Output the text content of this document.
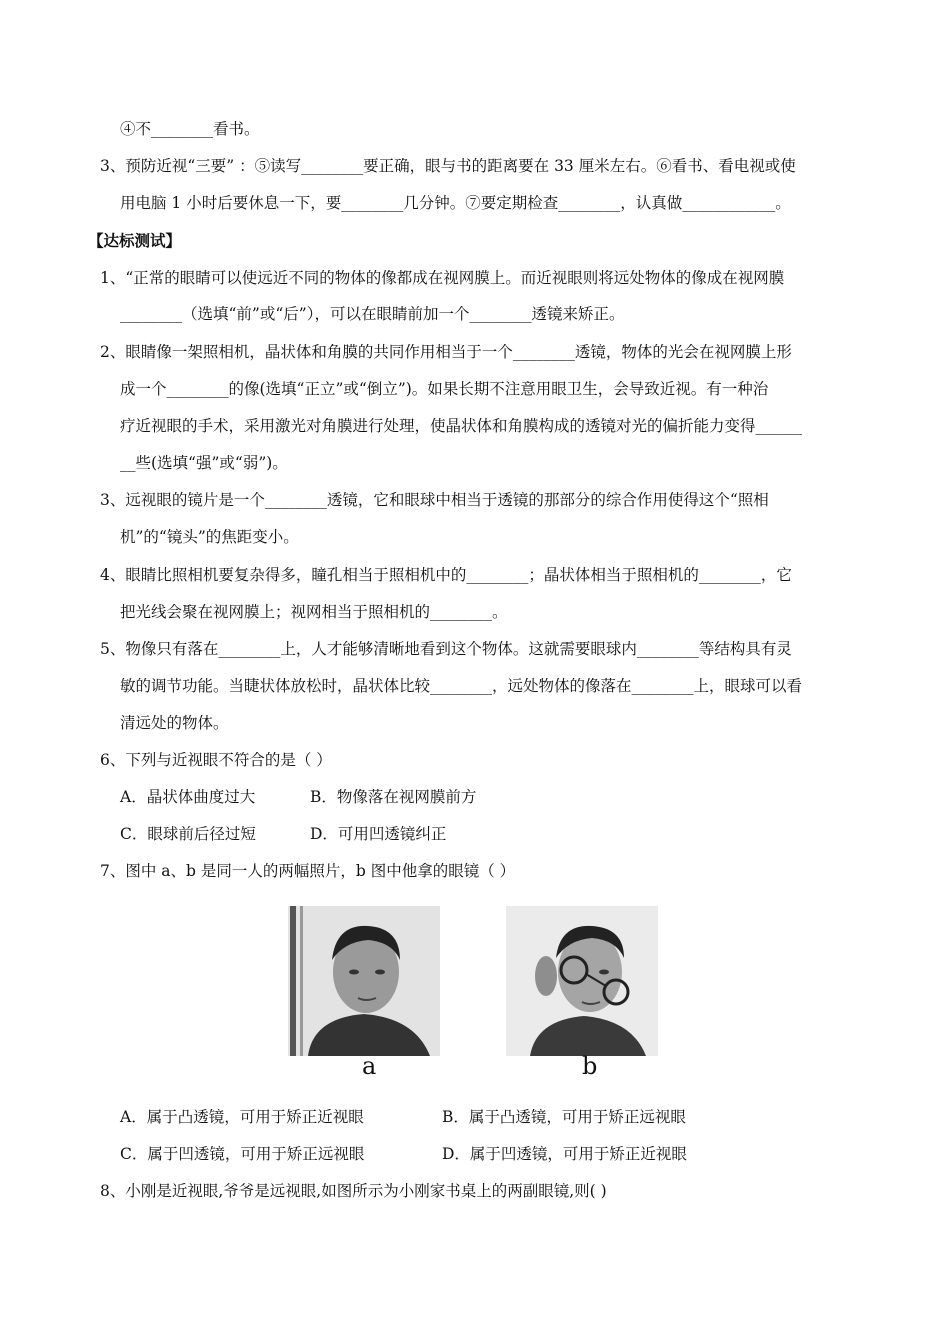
④不________看书。
3、预防近视“三要” ：⑤读写________要正确，眼与书的距离要在 33 厘米左右。⑥看书、看电视或使
用电脑 1 小时后要休息一下，要________几分钟。⑦要定期检查________，认真做____________。
【达标测试】
1、“正常的眼睛可以使远近不同的物体的像都成在视网膜上。而近视眼则将远处物体的像成在视网膜
________（选填“前”或“后”），可以在眼睛前加一个________透镜来矫正。
2、眼睛像一架照相机，晶状体和角膜的共同作用相当于一个________透镜，物体的光会在视网膜上形
成一个________的像(选填“正立”或“倒立”)。如果长期不注意用眼卫生，会导致近视。有一种治
疗近视眼的手术，采用激光对角膜进行处理，使晶状体和角膜构成的透镜对光的偏折能力变得______
__些(选填“强”或“弱”)。
3、远视眼的镜片是一个________透镜，它和眼球中相当于透镜的那部分的综合作用使得这个“照相
机”的“镜头”的焦距变小。
4、眼睛比照相机要复杂得多，瞳孔相当于照相机中的________；晶状体相当于照相机的________，它
把光线会聚在视网膜上；视网相当于照相机的________。
5、物像只有落在________上，人才能够清晰地看到这个物体。这就需要眼球内________等结构具有灵
敏的调节功能。当睫状体放松时，晶状体比较________，远处物体的像落在________上，眼球可以看
清远处的物体。
6、下列与近视眼不符合的是（ ）
A．晶状体曲度过大	B．物像落在视网膜前方
C．眼球前后径过短	D．可用凹透镜纠正
7、图中 a、b 是同一人的两幅照片，b 图中他拿的眼镜（ ）
a	b
A．属于凸透镜，可用于矫正近视眼	B．属于凸透镜，可用于矫正远视眼
C．属于凹透镜，可用于矫正远视眼	D．属于凹透镜，可用于矫正近视眼
8、小刚是近视眼,爷爷是远视眼,如图所示为小刚家书桌上的两副眼镜,则( )
